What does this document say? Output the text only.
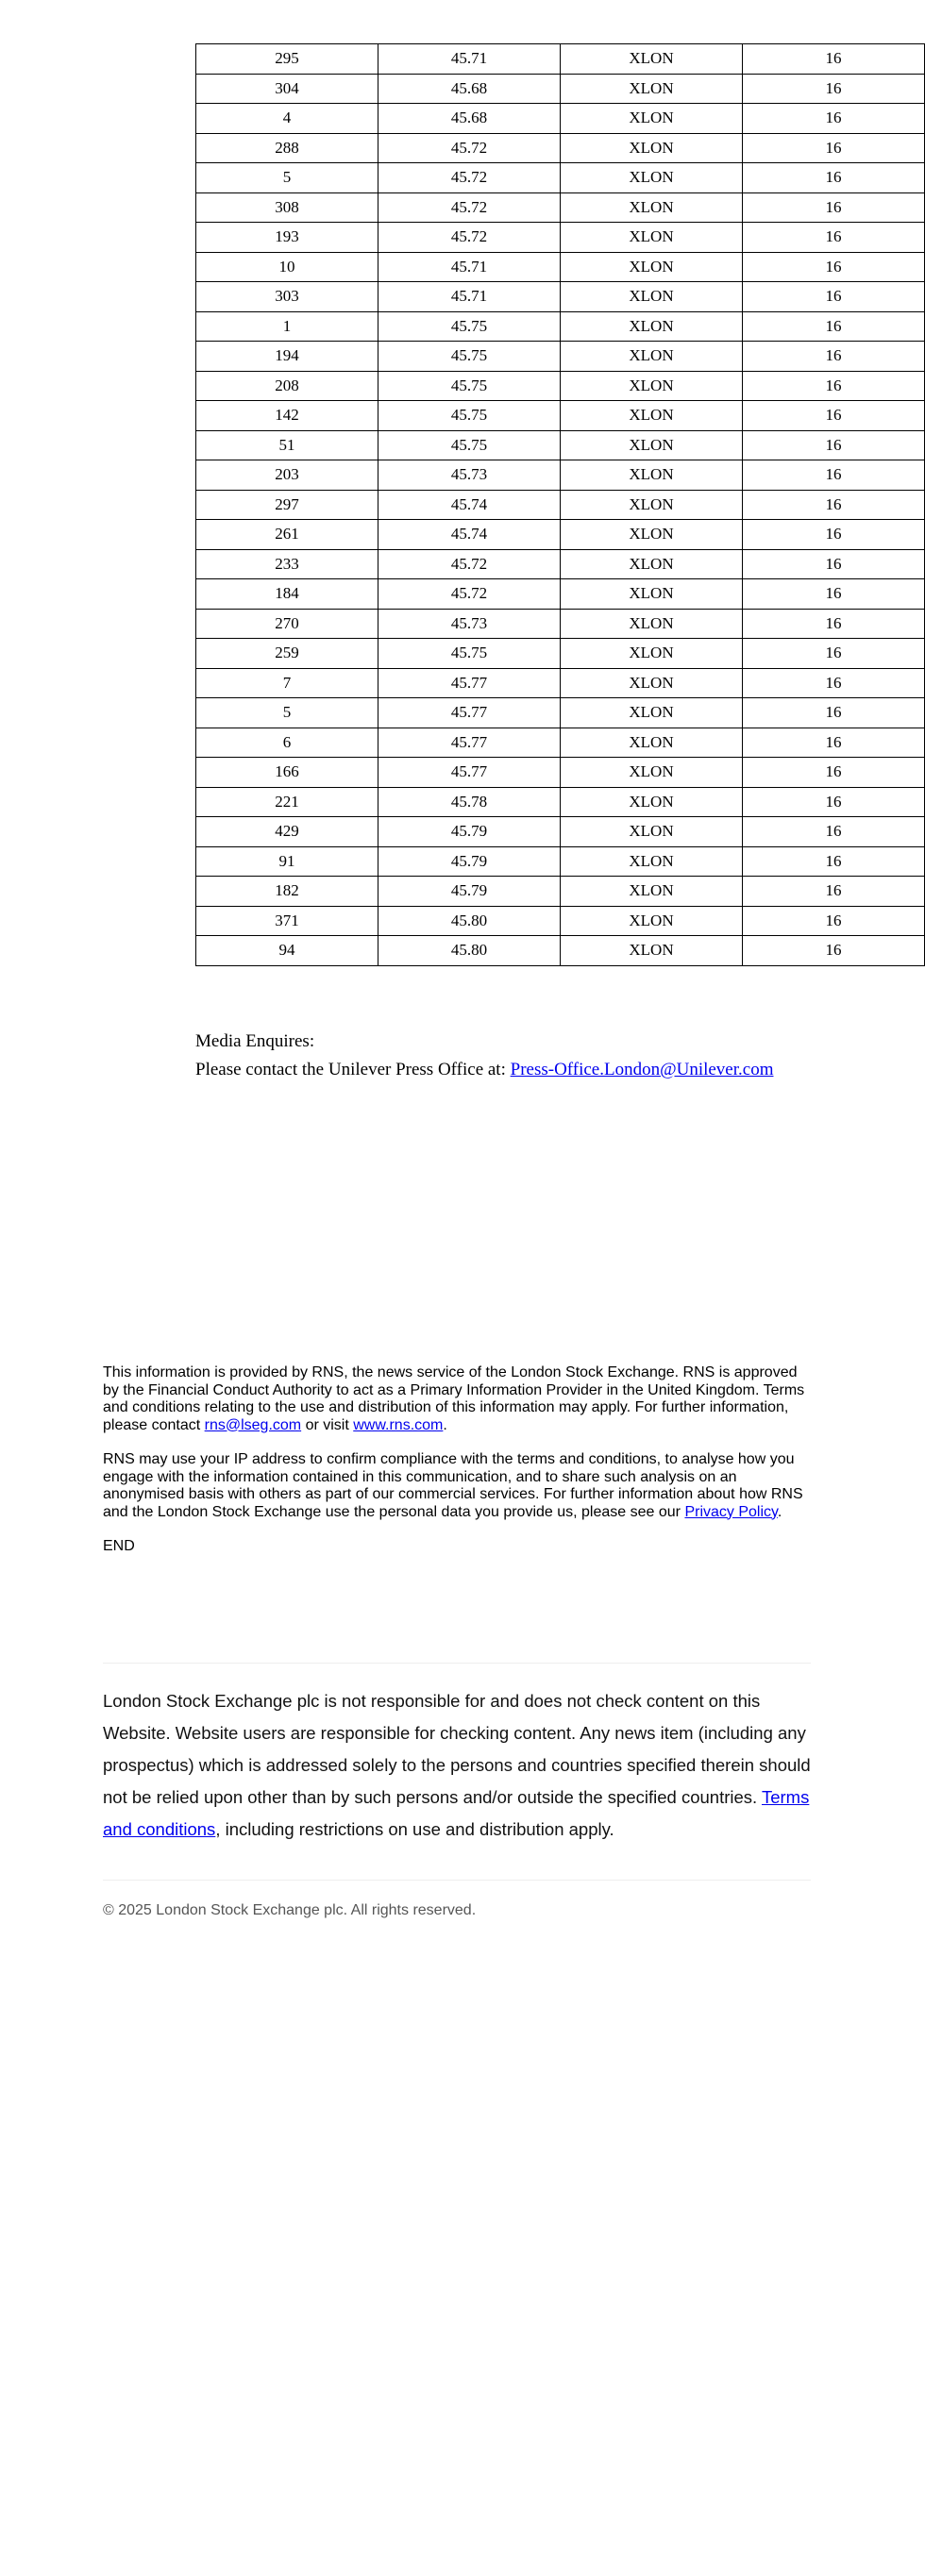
295	45.71	XLON	16
304	45.68	XLON	16
4	45.68	XLON	16
288	45.72	XLON	16
5	45.72	XLON	16
308	45.72	XLON	16
193	45.72	XLON	16
10	45.71	XLON	16
303	45.71	XLON	16
1	45.75	XLON	16
194	45.75	XLON	16
208	45.75	XLON	16
142	45.75	XLON	16
51	45.75	XLON	16
203	45.73	XLON	16
297	45.74	XLON	16
261	45.74	XLON	16
233	45.72	XLON	16
184	45.72	XLON	16
270	45.73	XLON	16
259	45.75	XLON	16
7	45.77	XLON	16
5	45.77	XLON	16
6	45.77	XLON	16
166	45.77	XLON	16
221	45.78	XLON	16
429	45.79	XLON	16
91	45.79	XLON	16
182	45.79	XLON	16
371	45.80	XLON	16
94	45.80	XLON	16
Media Enquires:
Please contact the Unilever Press Office at: Press-Office.London@Unilever.com

This information is provided by RNS, the news service of the London Stock Exchange. RNS is approved by the Financial Conduct Authority to act as a Primary Information Provider in the United Kingdom. Terms and conditions relating to the use and distribution of this information may apply. For further information, please contact rns@lseg.com or visit www.rns.com.

RNS may use your IP address to confirm compliance with the terms and conditions, to analyse how you engage with the information contained in this communication, and to share such analysis on an anonymised basis with others as part of our commercial services. For further information about how RNS and the London Stock Exchange use the personal data you provide us, please see our Privacy Policy.

END

London Stock Exchange plc is not responsible for and does not check content on this Website. Website users are responsible for checking content. Any news item (including any prospectus) which is addressed solely to the persons and countries specified therein should not be relied upon other than by such persons and/or outside the specified countries. Terms and conditions, including restrictions on use and distribution apply.
© 2025 London Stock Exchange plc. All rights reserved.
